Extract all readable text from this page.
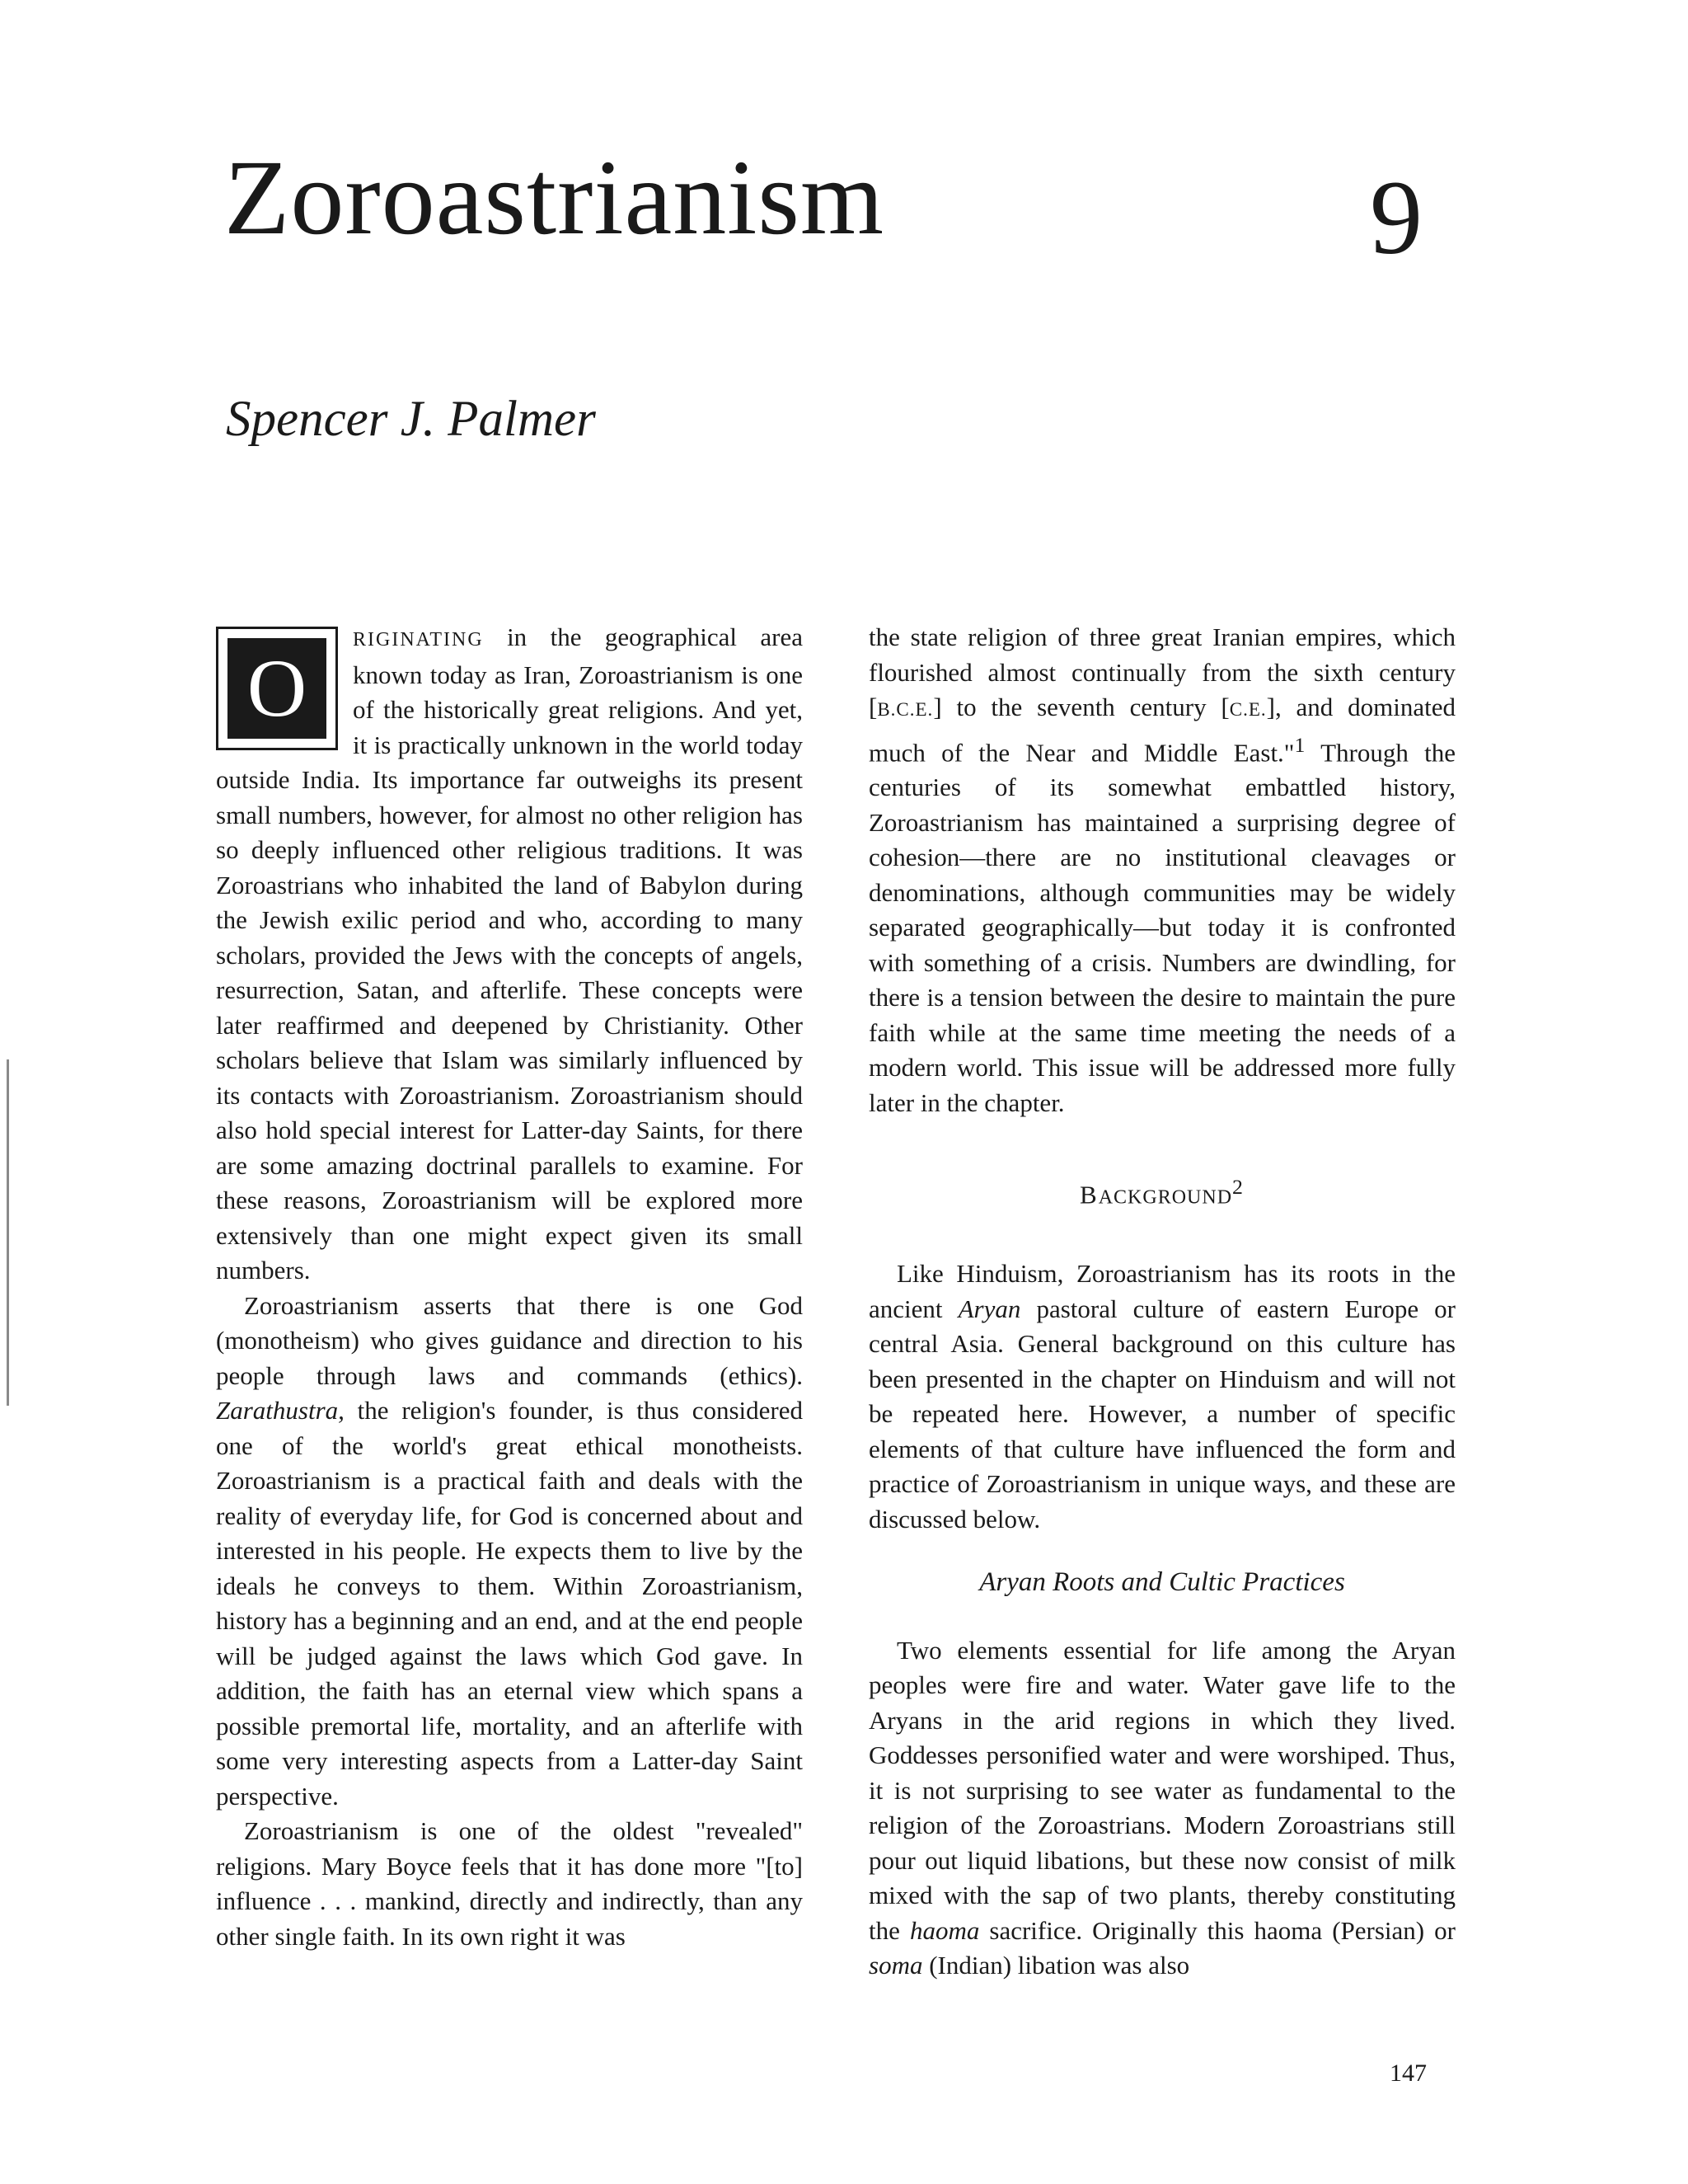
Zoroastrianism	9
Spencer J. Palmer

O
RIGINATING in the geographical area known today as Iran, Zoroastrianism is one of the historically great religions. And yet, it is practically unknown in the world today outside India. Its importance far outweighs its present small numbers, however, for almost no other religion has so deeply influenced other religious traditions. It was Zoroastrians who inhabited the land of Babylon during the Jewish exilic period and who, according to many scholars, provided the Jews with the concepts of angels, resurrection, Satan, and afterlife. These concepts were later reaffirmed and deepened by Christianity. Other scholars believe that Islam was similarly influenced by its contacts with Zoroastrianism. Zoroastrianism should also hold special interest for Latter-day Saints, for there are some amazing doctrinal parallels to examine. For these reasons, Zoroastrianism will be explored more extensively than one might expect given its small numbers.

Zoroastrianism asserts that there is one God (monotheism) who gives guidance and direction to his people through laws and commands (ethics). Zarathustra, the religion's founder, is thus considered one of the world's great ethical monotheists. Zoroastrianism is a practical faith and deals with the reality of everyday life, for God is concerned about and interested in his people. He expects them to live by the ideals he conveys to them. Within Zoroastrianism, history has a beginning and an end, and at the end people will be judged against the laws which God gave. In addition, the faith has an eternal view which spans a possible premortal life, mortality, and an afterlife with some very interesting aspects from a Latter-day Saint perspective.

Zoroastrianism is one of the oldest "revealed" religions. Mary Boyce feels that it has done more "[to] influence . . . mankind, directly and indirectly, than any other single faith. In its own right it was

the state religion of three great Iranian empires, which flourished almost continually from the sixth century [B.C.E.] to the seventh century [C.E.], and dominated much of the Near and Middle East."$^1$ Through the centuries of its somewhat embattled history, Zoroastrianism has maintained a surprising degree of cohesion—there are no institutional cleavages or denominations, although communities may be widely separated geographically—but today it is confronted with something of a crisis. Numbers are dwindling, for there is a tension between the desire to maintain the pure faith while at the same time meeting the needs of a modern world. This issue will be addressed more fully later in the chapter.

BACKGROUND$^2$

Like Hinduism, Zoroastrianism has its roots in the ancient Aryan pastoral culture of eastern Europe or central Asia. General background on this culture has been presented in the chapter on Hinduism and will not be repeated here. However, a number of specific elements of that culture have influenced the form and practice of Zoroastrianism in unique ways, and these are discussed below.

Aryan Roots and Cultic Practices

Two elements essential for life among the Aryan peoples were fire and water. Water gave life to the Aryans in the arid regions in which they lived. Goddesses personified water and were worshiped. Thus, it is not surprising to see water as fundamental to the religion of the Zoroastrians. Modern Zoroastrians still pour out liquid libations, but these now consist of milk mixed with the sap of two plants, thereby constituting the haoma sacrifice. Originally this haoma (Persian) or soma (Indian) libation was also

147
